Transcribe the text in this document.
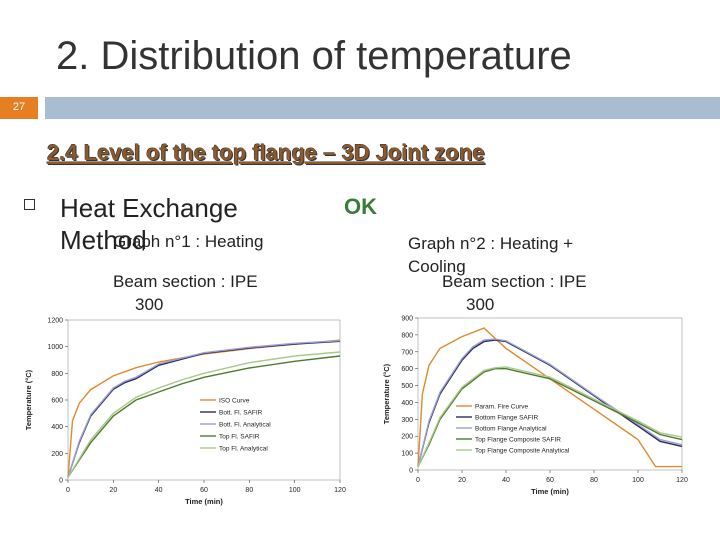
2. Distribution of temperature
27
2.4 Level of the top flange – 3D Joint zone
Heat Exchange Method
OK
Graph n°1 : Heating
Beam section : IPE
300
Graph n°2 : Heating + Cooling
Beam section : IPE
300
0	20	40	60	80	100	120
0
200
400
600
800
1000
1200
Time (min)
Temperature (°C)	ISO Curve
Bott. Fl. SAFIR
Bott. Fl. Analytical
Top Fl. SAFIR
Top Fl. Analytical
0	20	40	60	80	100	120
0
100
200
300
400
500
600
700
800
900
Time (min)
Temperature (°C)	Param. Fire Curve
Bottom Flange SAFIR
Bottom Flange Analytical
Top Flange Composite SAFIR
Top Flange Composite Analytical
